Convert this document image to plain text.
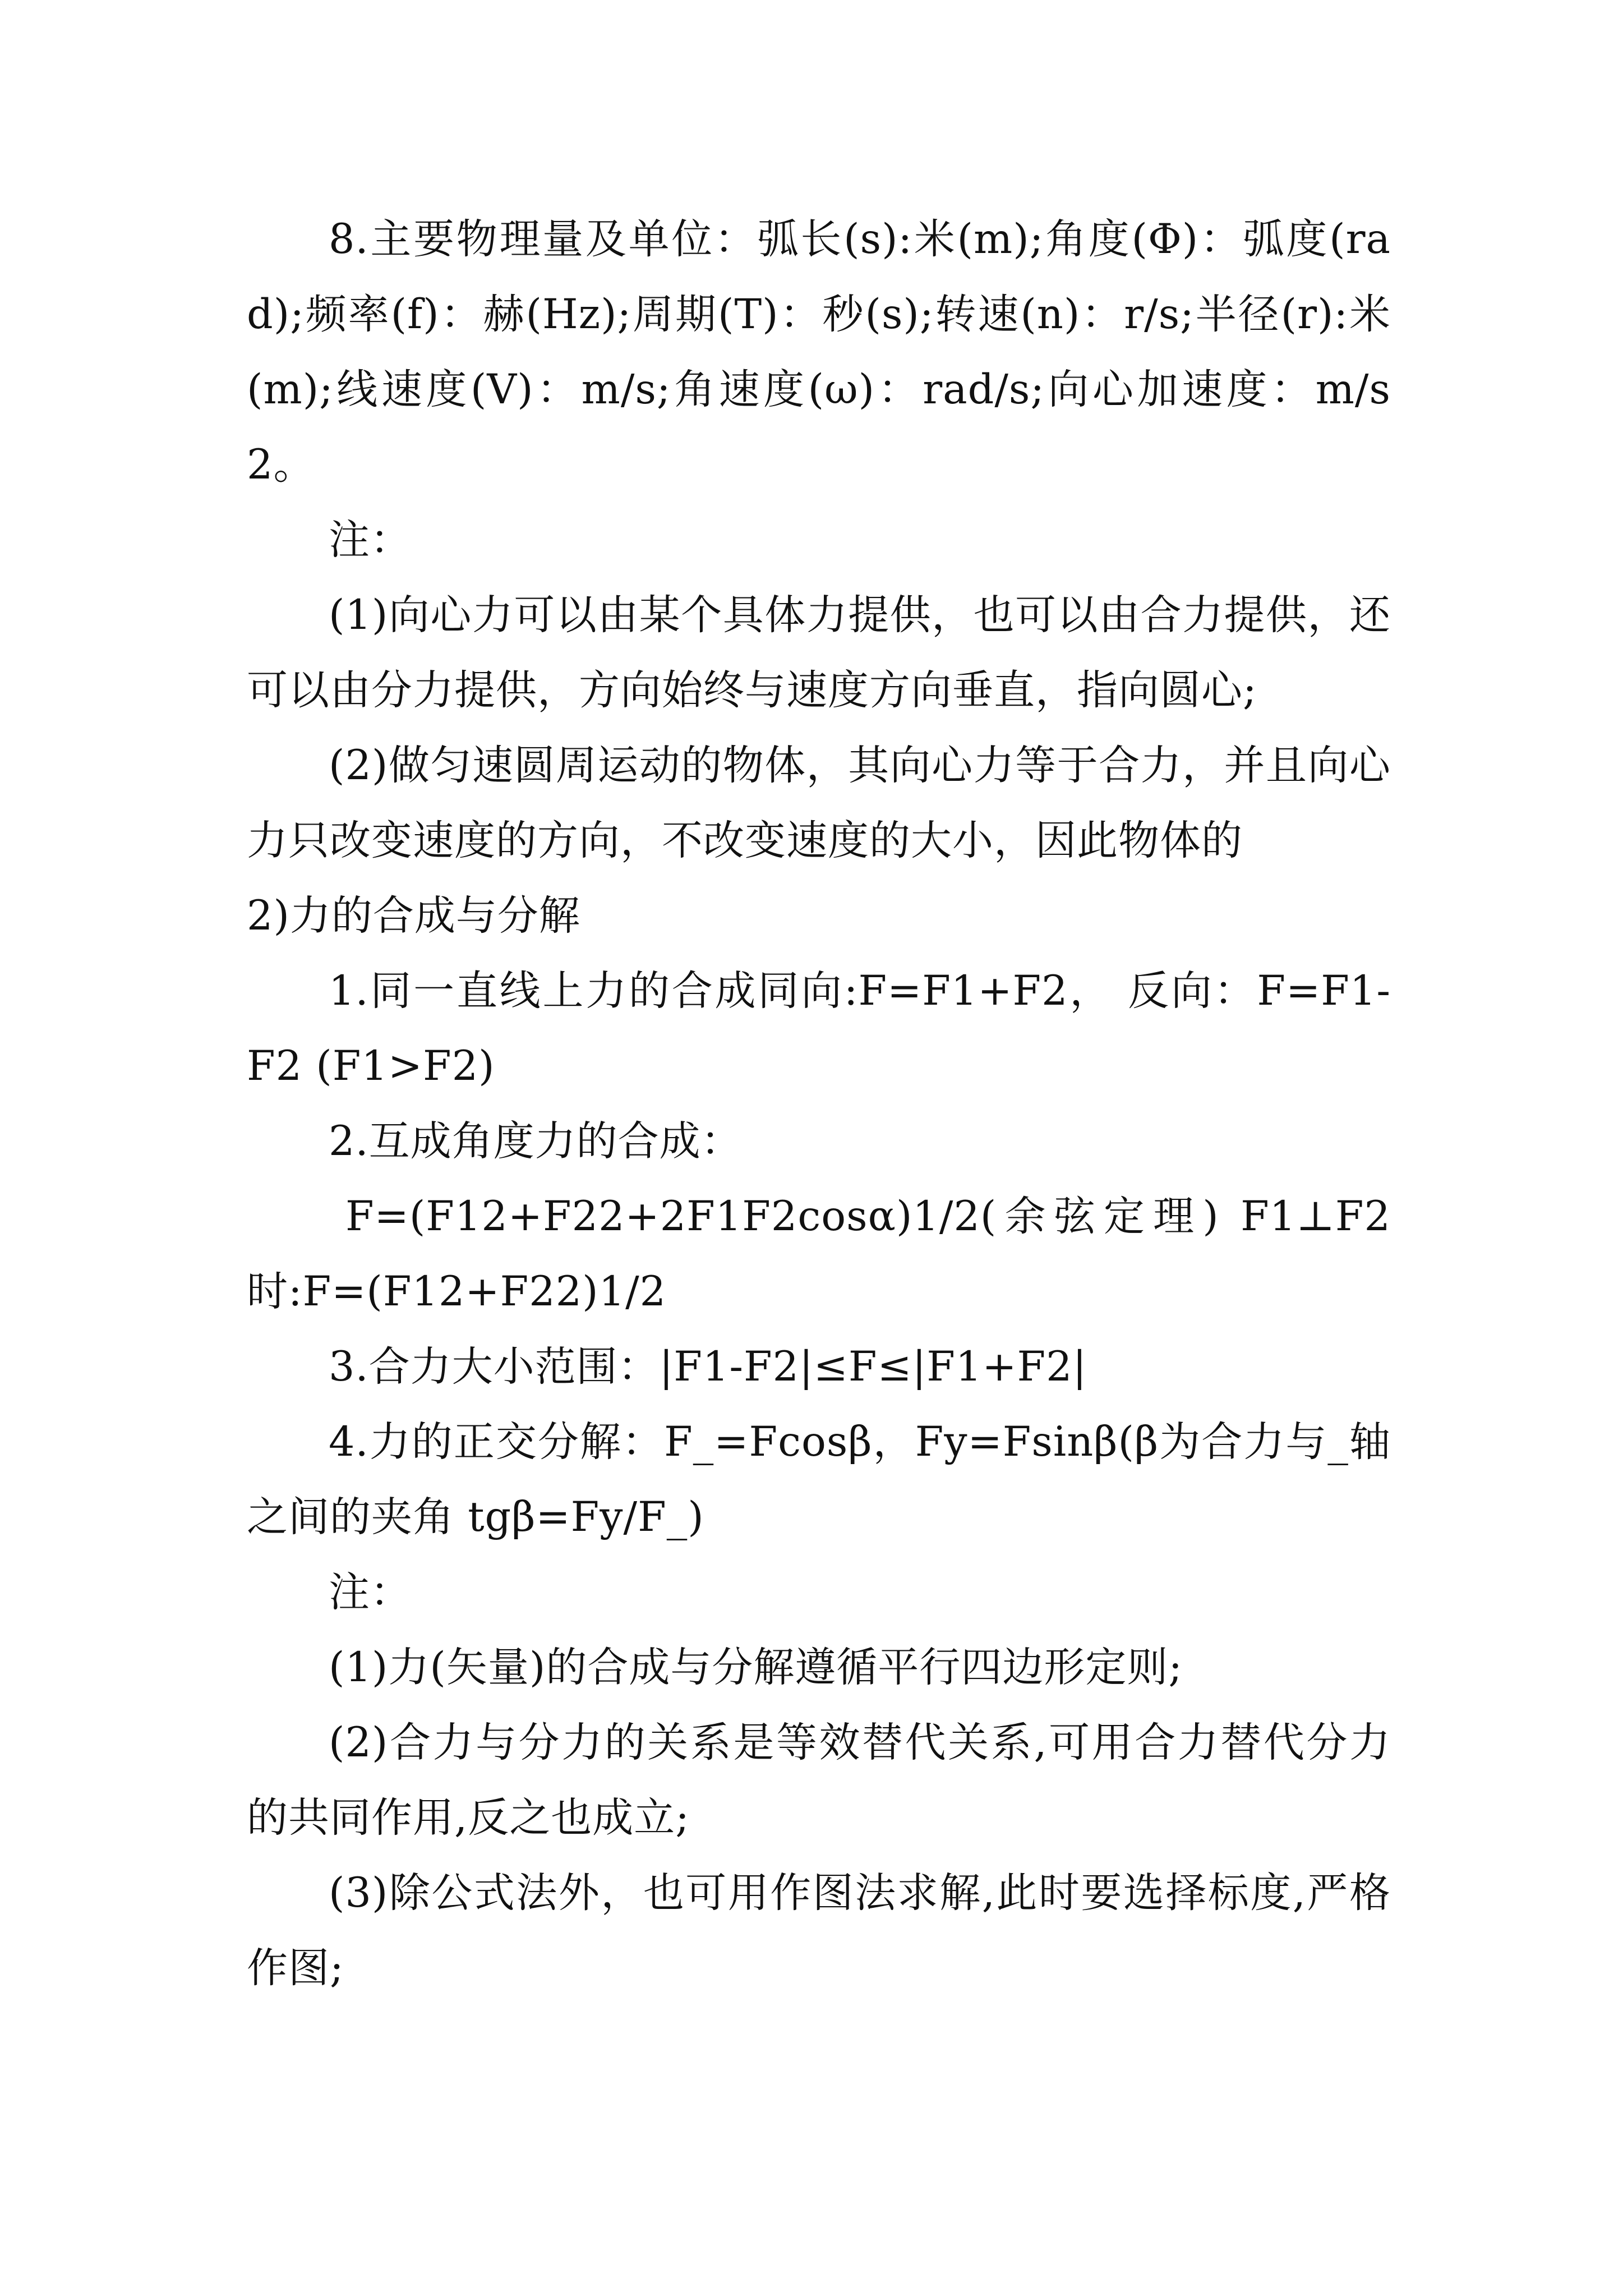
8.主要物理量及单位：弧长(s):米(m);角度(Φ)：弧度(rad);频率(f)：赫(Hz);周期(T)：秒(s);转速(n)：r/s;半径(r):米(m);线速度(V)：m/s;角速度(ω)：rad/s;向心加速度：m/s2。

注：

(1)向心力可以由某个具体力提供，也可以由合力提供，还可以由分力提供，方向始终与速度方向垂直，指向圆心;

(2)做匀速圆周运动的物体，其向心力等于合力，并且向心力只改变速度的方向，不改变速度的大小，因此物体的

2)力的合成与分解

1.同一直线上力的合成同向:F=F1+F2， 反向：F=F1-F2 (F1>F2)

2.互成角度力的合成：

F=(F12+F22+2F1F2cosα)1/2(余弦定理) F1⊥F2时:F=(F12+F22)1/2

3.合力大小范围：|F1-F2|≤F≤|F1+F2|

4.力的正交分解：F_=Fcosβ，Fy=Fsinβ(β为合力与_轴之间的夹角 tgβ=Fy/F_)

注：

(1)力(矢量)的合成与分解遵循平行四边形定则;

(2)合力与分力的关系是等效替代关系,可用合力替代分力的共同作用,反之也成立;

(3)除公式法外，也可用作图法求解,此时要选择标度,严格作图;
